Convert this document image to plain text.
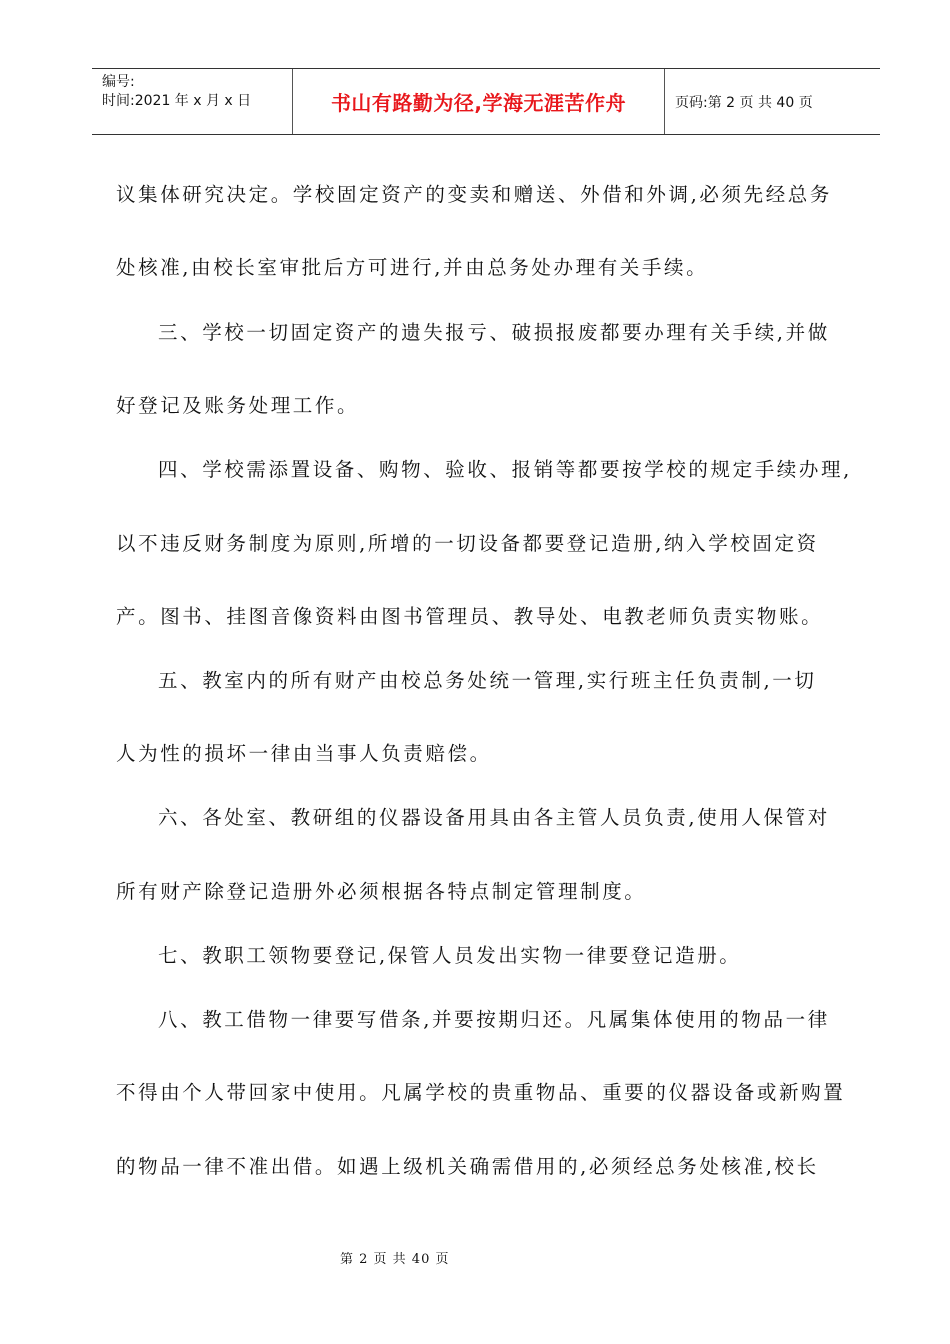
编号:
时间:2021 年 x 月 x 日	书山有路勤为径,学海无涯苦作舟	页码:第 2 页 共 40 页
议集体研究决定。学校固定资产的变卖和赠送、外借和外调,必须先经总务
处核准,由校长室审批后方可进行,并由总务处办理有关手续。
三、学校一切固定资产的遗失报亏、破损报废都要办理有关手续,并做
好登记及账务处理工作。
四、学校需添置设备、购物、验收、报销等都要按学校的规定手续办理,
以不违反财务制度为原则,所增的一切设备都要登记造册,纳入学校固定资
产。图书、挂图音像资料由图书管理员、教导处、电教老师负责实物账。
五、教室内的所有财产由校总务处统一管理,实行班主任负责制,一切
人为性的损坏一律由当事人负责赔偿。
六、各处室、教研组的仪器设备用具由各主管人员负责,使用人保管对
所有财产除登记造册外必须根据各特点制定管理制度。
七、教职工领物要登记,保管人员发出实物一律要登记造册。
八、教工借物一律要写借条,并要按期归还。凡属集体使用的物品一律
不得由个人带回家中使用。凡属学校的贵重物品、重要的仪器设备或新购置
的物品一律不准出借。如遇上级机关确需借用的,必须经总务处核准,校长
第 2 页 共 40 页
